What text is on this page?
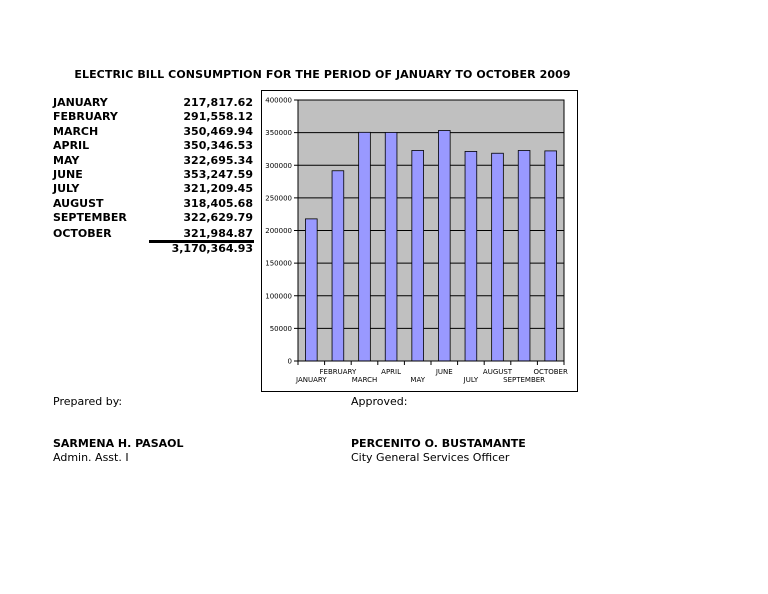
ELECTRIC BILL CONSUMPTION FOR THE PERIOD OF JANUARY TO OCTOBER 2009
JANUARY	217,817.62
FEBRUARY	291,558.12
MARCH	350,469.94
APRIL	350,346.53
MAY	322,695.34
JUNE	353,247.59
JULY	321,209.45
AUGUST	318,405.68
SEPTEMBER	322,629.79
OCTOBER	321,984.87
3,170,364.93
0
50000
100000
150000
200000
250000
300000
350000
400000
JANUARY
FEBRUARY
MARCH
APRIL
MAY
JUNE
JULY
AUGUST
SEPTEMBER
OCTOBER
Prepared by:	Approved:
SARMENA H. PASAOL
Admin. Asst. I
PERCENITO O. BUSTAMANTE
City General Services Officer
